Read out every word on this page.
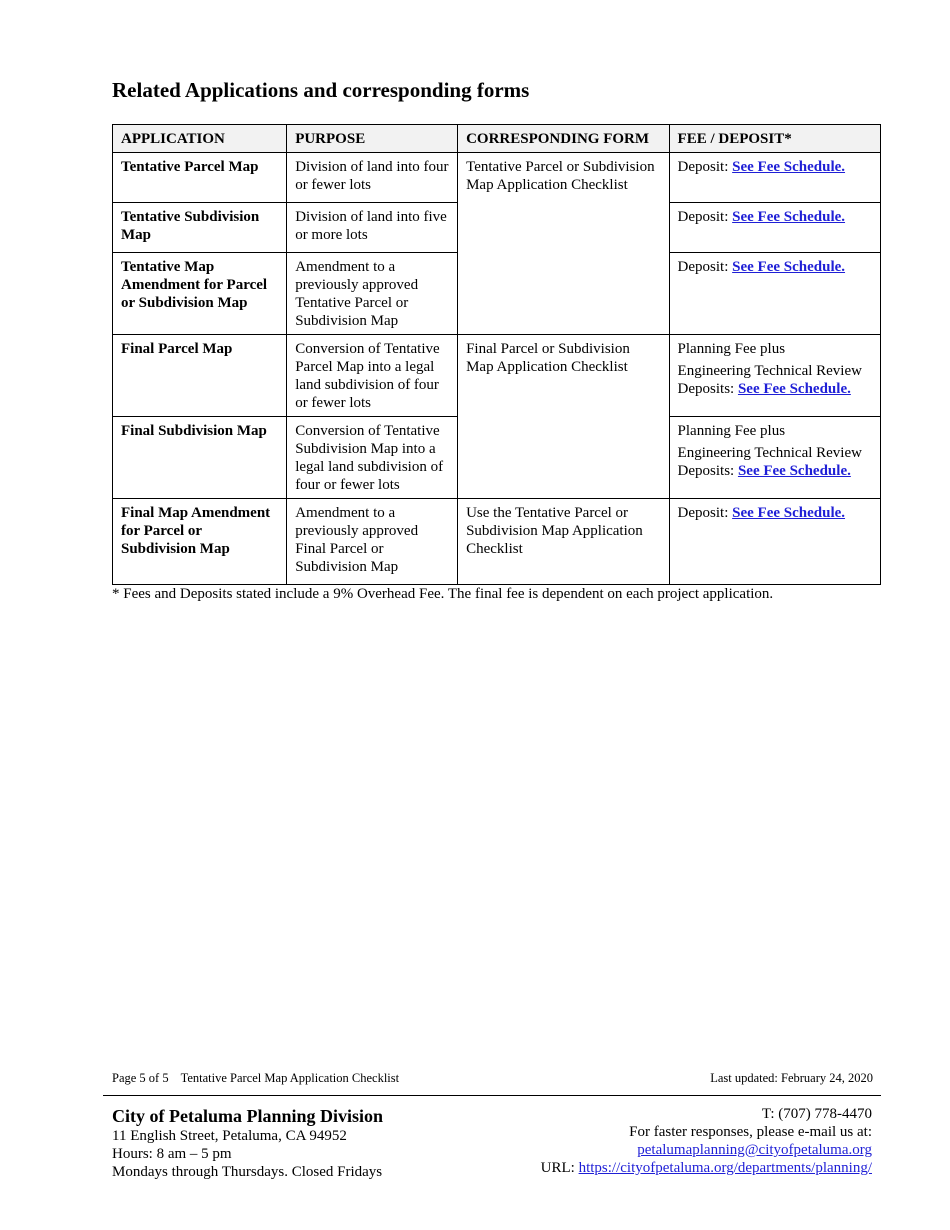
Related Applications and corresponding forms
APPLICATION	PURPOSE	CORRESPONDING FORM	FEE / DEPOSIT*
Tentative Parcel Map	Division of land into four or fewer lots	Tentative Parcel or Subdivision Map Application Checklist	Deposit: See Fee Schedule.
Tentative Subdivision Map	Division of land into five or more lots		Deposit: See Fee Schedule.
Tentative Map Amendment for Parcel or Subdivision Map	Amendment to a previously approved Tentative Parcel or Subdivision Map		Deposit: See Fee Schedule.
Final Parcel Map	Conversion of Tentative Parcel Map into a legal land subdivision of four or fewer lots	Final Parcel or Subdivision Map Application Checklist	Planning Fee plus
Engineering Technical Review Deposits: See Fee Schedule.

Final Subdivision Map	Conversion of Tentative Subdivision Map into a legal land subdivision of four or fewer lots		Planning Fee plus
Engineering Technical Review Deposits: See Fee Schedule.

Final Map Amendment for Parcel or Subdivision Map	Amendment to a previously approved Final Parcel or Subdivision Map	Use the Tentative Parcel or Subdivision Map Application Checklist	Deposit: See Fee Schedule.

* Fees and Deposits stated include a 9% Overhead Fee. The final fee is dependent on each project application.

Page 5 of 5 Tentative Parcel Map Application Checklist	Last updated: February 24, 2020
City of Petaluma Planning Division
11 English Street, Petaluma, CA 94952
Hours: 8 am – 5 pm
Mondays through Thursdays. Closed Fridays
T: (707) 778-4470
For faster responses, please e-mail us at:
petalumaplanning@cityofpetaluma.org
URL: https://cityofpetaluma.org/departments/planning/
